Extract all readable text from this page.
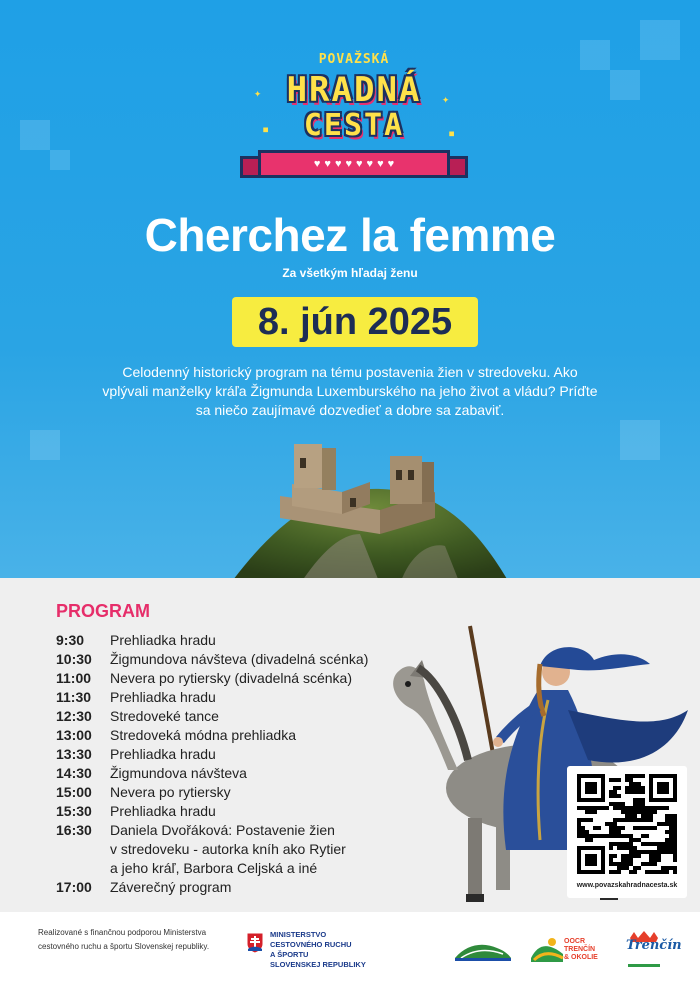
✦
▪
✦
▪
POVAŽSKÁ
HRADNÁ
CESTA
♥ ♥ ♥ ♥ ♥ ♥ ♥ ♥
Cherchez la femme
Za všetkým hľadaj ženu
8. jún 2025

Celodenný historický program na tému postavenia žien v stredoveku. Ako vplývali manželky kráľa Žigmunda Luxemburského na jeho život a vládu? Príďte sa niečo zaujímavé dozvedieť a dobre sa zabaviť.

PROGRAM
9:30	Prehliadka hradu
10:30	Žigmundova návšteva (divadelná scénka)
11:00	Nevera po rytiersky (divadelná scénka)
11:30	Prehliadka hradu
12:30	Stredoveké tance
13:00	Stredoveká módna prehliadka
13:30	Prehliadka hradu
14:30	Žigmundova návšteva
15:00	Nevera po rytiersky
15:30	Prehliadka hradu
16:30	Daniela Dvořáková: Postavenie žien
v stredoveku - autorka kníh ako Rytier
a jeho kráľ, Barbora Celjská a iné
17:00	Záverečný program	www.povazskahradnacesta.sk

Realizované s finančnou podporou Ministerstva cestovného ruchu a športu Slovenskej republiky.

MINISTERSTVO
CESTOVNÉHO RUCHU
A ŠPORTU
SLOVENSKEJ REPUBLIKY
OOCR
TRENČÍN
& OKOLIE
Trenčín
